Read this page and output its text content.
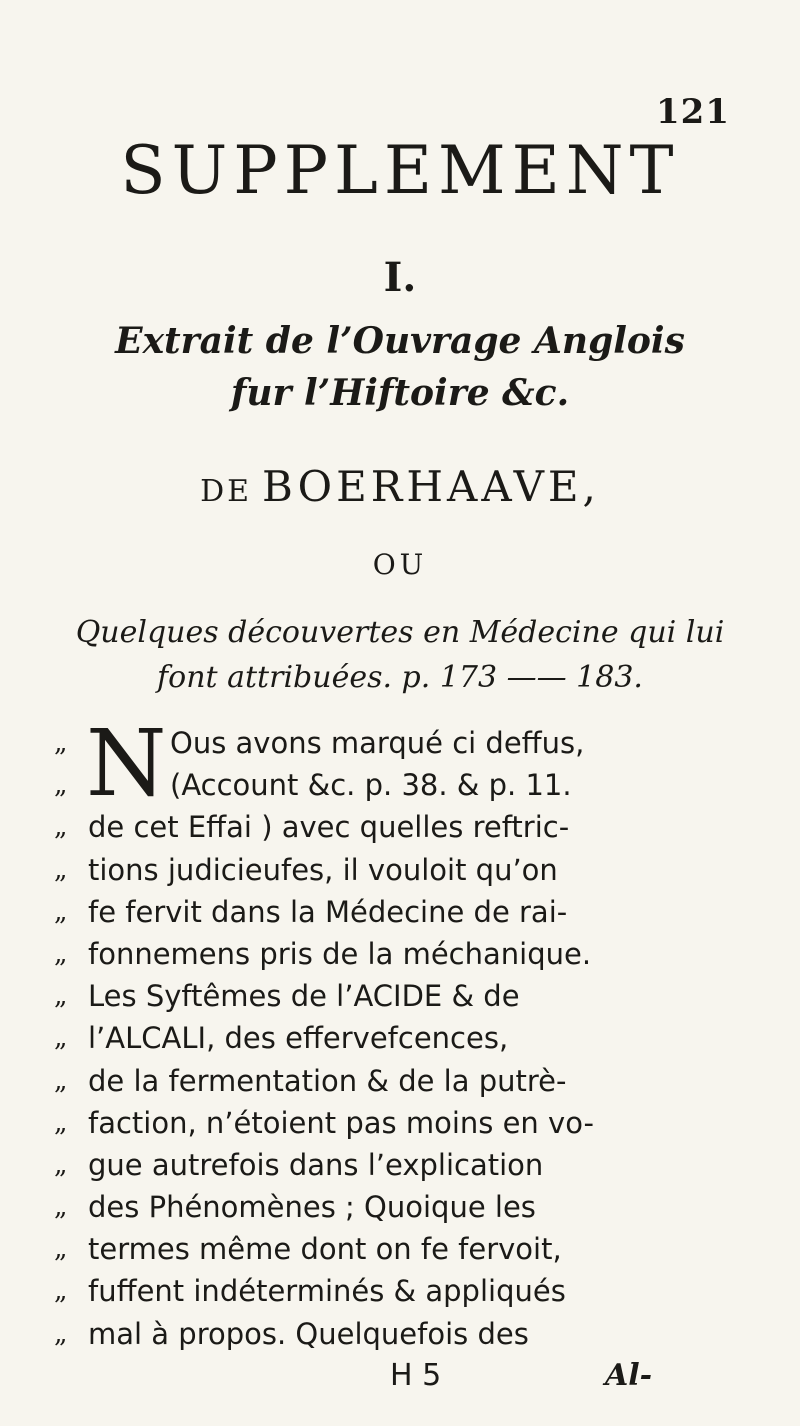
121
SUPPLEMENT
I.
Extrait de l’Ouvrage Anglois
fur l’Hiftoire &c.
DE BOERHAAVE,
OU
Quelques découvertes en Médecine qui lui
font attribuées. p. 173 —— 183.
„ N Ous avons marqué ci deffus,
„	(Account &c. p. 38. & p. 11.
„ de cet Effai ) avec quelles reftric-
„ tions judicieufes, il vouloit qu’on
„ fe fervit dans la Médecine de rai-
„ fonnemens pris de la méchanique.
„ Les Syftêmes de l’ACIDE & de
„ l’ALCALI, des effervefcences,
„ de la fermentation & de la putrè-
„ faction, n’étoient pas moins en vo-
„ gue autrefois dans l’explication
„ des Phénomènes ; Quoique les
„ termes même dont on fe fervoit,
„ fuffent indéterminés & appliqués
„ mal à propos. Quelquefois des
H 5	Al-
